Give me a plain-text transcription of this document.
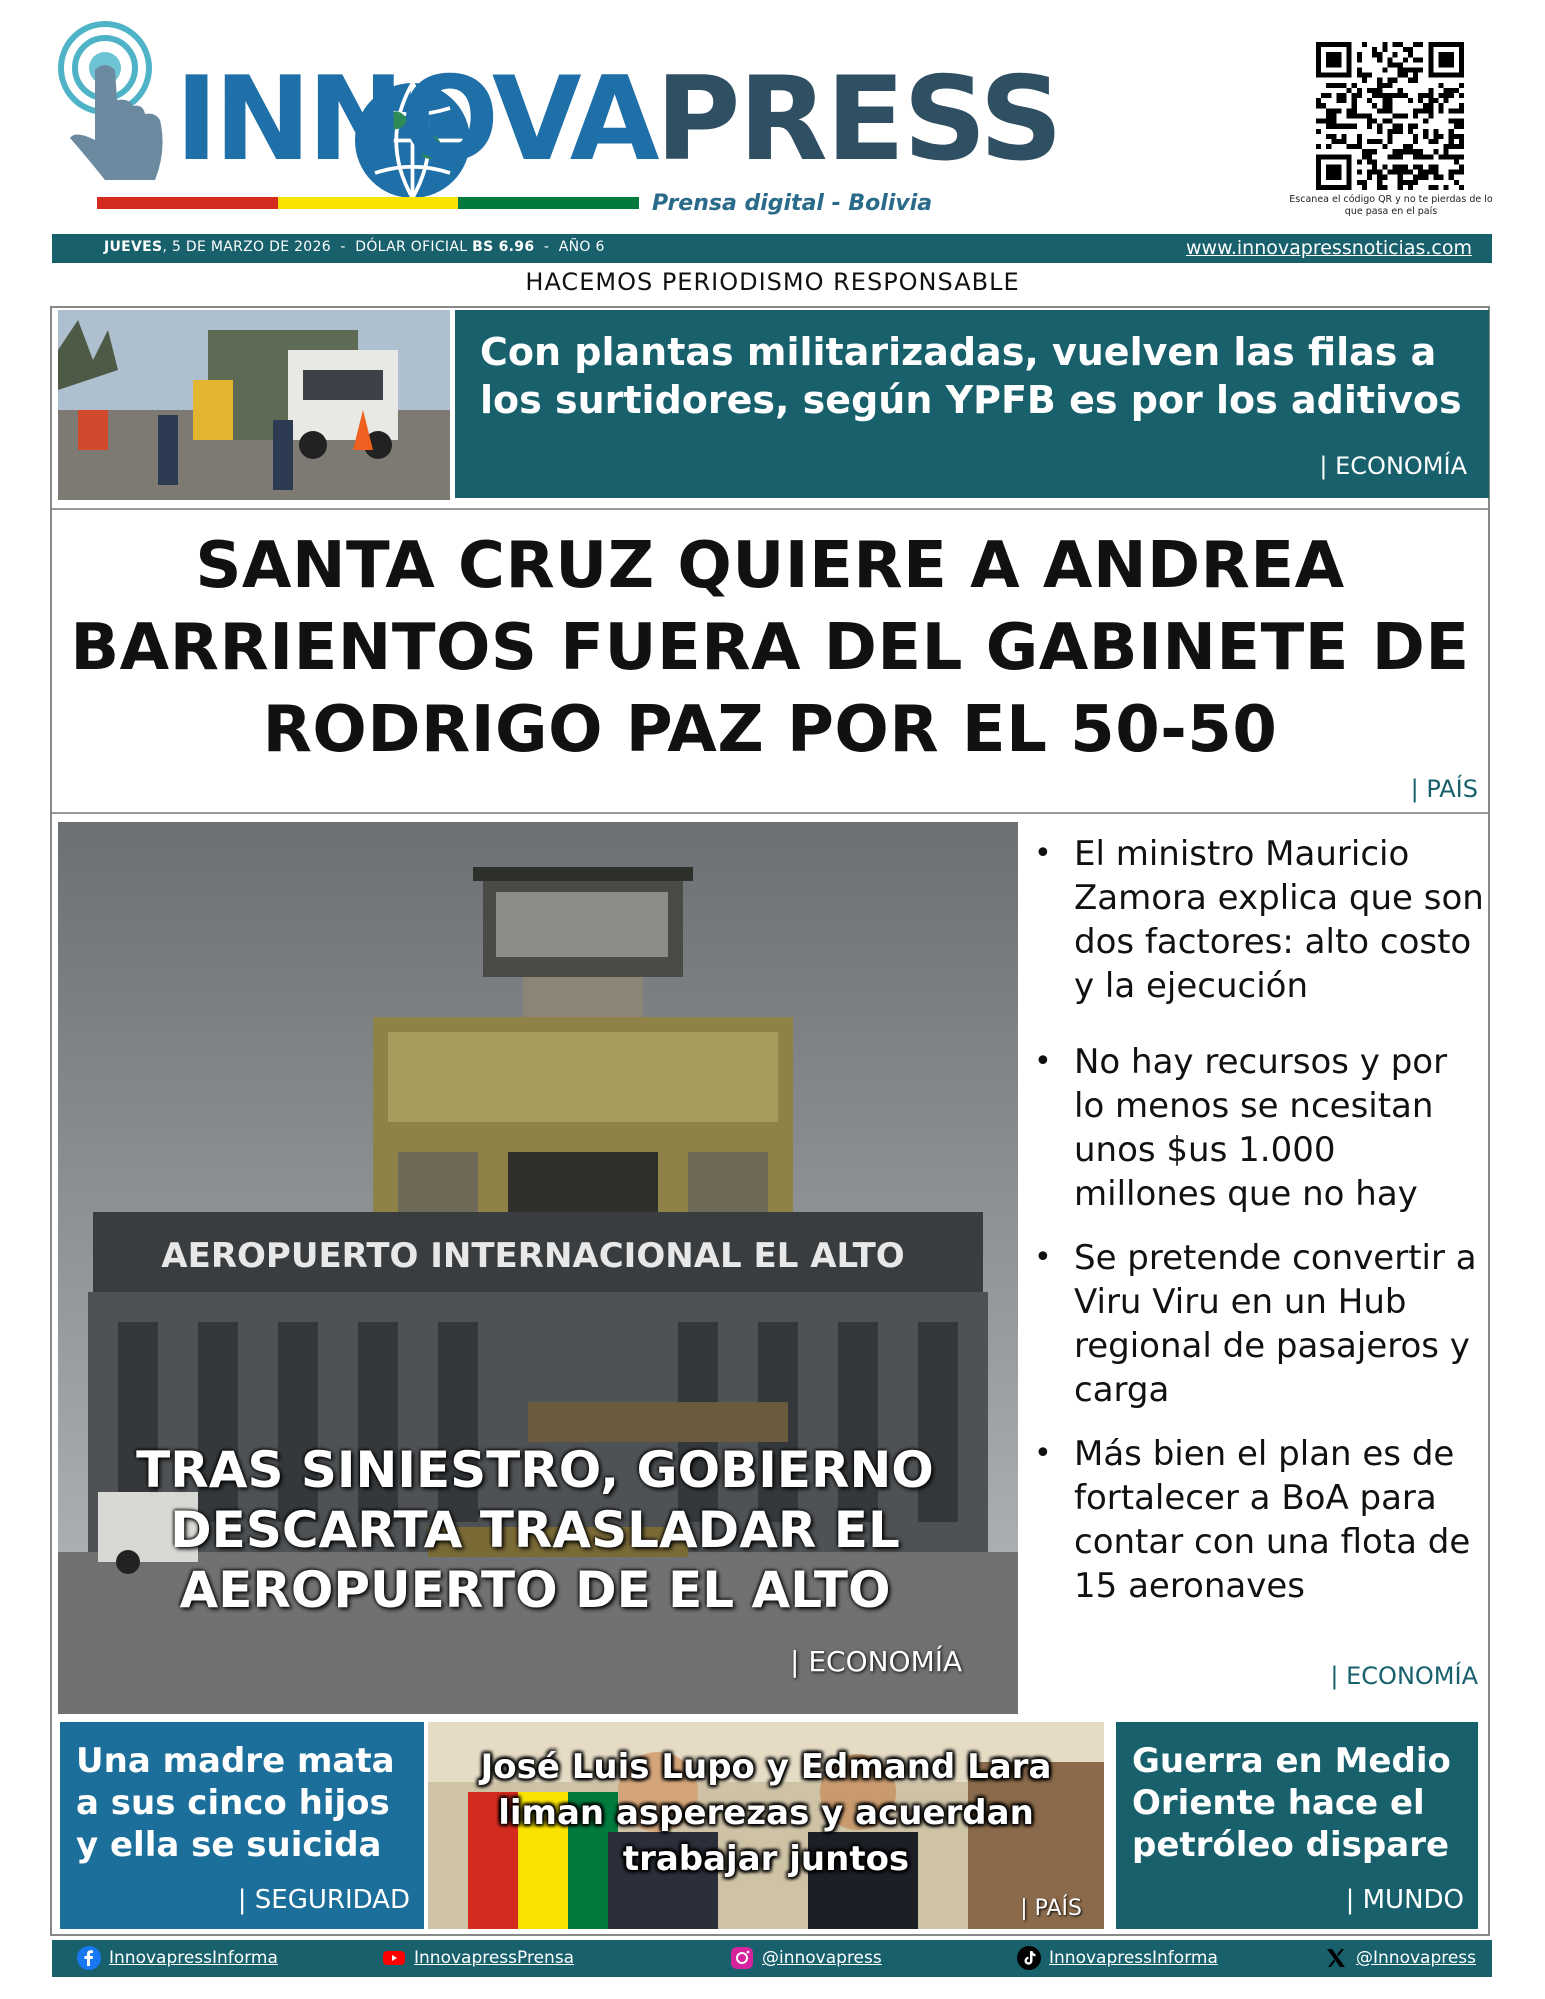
INNOVAPRESS
Prensa digital - Bolivia	Escanea el código QR y no te pierdas de lo que pasa en el país
JUEVES, 5 DE MARZO DE 2026  -  DÓLAR OFICIAL BS 6.96  -  AÑO 6	www.innovapressnoticias.com
HACEMOS PERIODISMO RESPONSABLE
Con plantas militarizadas, vuelven las filas a los surtidores, según YPFB es por los aditivos
| ECONOMÍA
SANTA CRUZ QUIERE A ANDREA BARRIENTOS FUERA DEL GABINETE DE RODRIGO PAZ POR EL 50-50
| PAÍS
AEROPUERTO INTERNACIONAL EL ALTO
TRAS SINIESTRO, GOBIERNO DESCARTA TRASLADAR EL AEROPUERTO DE EL ALTO
| ECONOMÍA
• El ministro Mauricio Zamora explica que son dos factores: alto costo y la ejecución
• No hay recursos y por lo menos se ncesitan unos $us 1.000 millones que no hay
• Se pretende convertir a Viru Viru en un Hub regional de pasajeros y carga
• Más bien el plan es de fortalecer a BoA para contar con una flota de 15 aeronaves
| ECONOMÍA
Una madre mata a sus cinco hijos y ella se suicida
| SEGURIDAD
José Luis Lupo y Edmand Lara liman asperezas y acuerdan trabajar juntos
| PAÍS
Guerra en Medio Oriente hace el petróleo dispare
| MUNDO
InnovapressInforma	InnovapressPrensa	@innovapress	InnovapressInforma	@Innovapress
